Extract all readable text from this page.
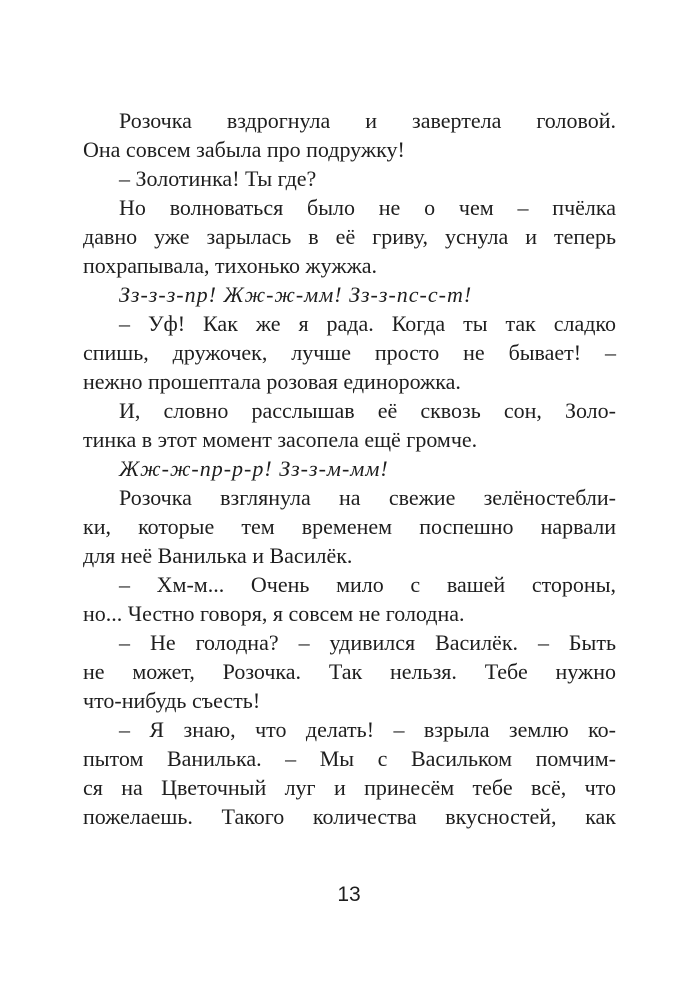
Розочка вздрогнула и завертела головой.
Она совсем забыла про подружку!
– Золотинка! Ты где?
Но волноваться было не о чем – пчёлка
давно уже зарылась в её гриву, уснула и теперь
похрапывала, тихонько жужжа.
Зз-з-з-пр! Жж-ж-мм! Зз-з-пс-с-т!
– Уф! Как же я рада. Когда ты так сладко
спишь, дружочек, лучше просто не бывает! –
нежно прошептала розовая единорожка.
И, словно расслышав её сквозь сон, Золо-
тинка в этот момент засопела ещё громче.
Жж-ж-пр-р-р! Зз-з-м-мм!
Розочка взглянула на свежие зелёностебли-
ки, которые тем временем поспешно нарвали
для неё Ванилька и Василёк.
– Хм-м... Очень мило с вашей стороны,
но... Честно говоря, я совсем не голодна.
– Не голодна? – удивился Василёк. – Быть
не может, Розочка. Так нельзя. Тебе нужно
что-нибудь съесть!
– Я знаю, что делать! – взрыла землю ко-
пытом Ванилька. – Мы с Васильком помчим-
ся на Цветочный луг и принесём тебе всё, что
пожелаешь. Такого количества вкусностей, как
13
